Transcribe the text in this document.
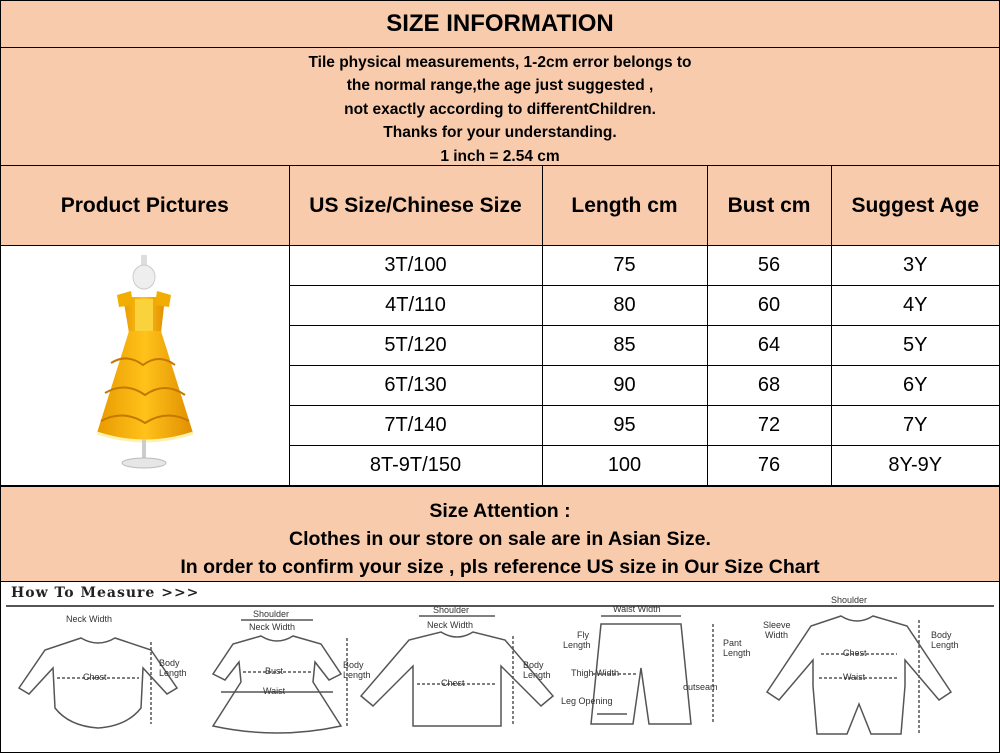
SIZE INFORMATION
Tile physical measurements, 1-2cm error belongs to
the normal range,the age just suggested ,
not exactly according to differentChildren.
Thanks for your understanding.
1 inch = 2.54 cm
Product Pictures	US Size/Chinese Size	Length cm	Bust cm	Suggest Age
	3T/100	75	56	3Y
	4T/110	80	60	4Y
	5T/120	85	64	5Y
	6T/130	90	68	6Y
	7T/140	95	72	7Y
	8T-9T/150	100	76	8Y-9Y
Size Attention :
Clothes in our store on sale are in Asian Size.
In order to confirm your size , pls reference US size in Our Size Chart
How To Measure >>>
Neck Width
Chest
Body
Length
Shoulder
Neck Width
Bust
Waist
Body
Length
Shoulder
Neck Width
Chest
Body
Length
Waist Width
Fly
Length
Thigh Width
Leg Opening
outseam
Pant
Length
Shoulder
Sleeve
Width
Chest
Waist
Body
Length
